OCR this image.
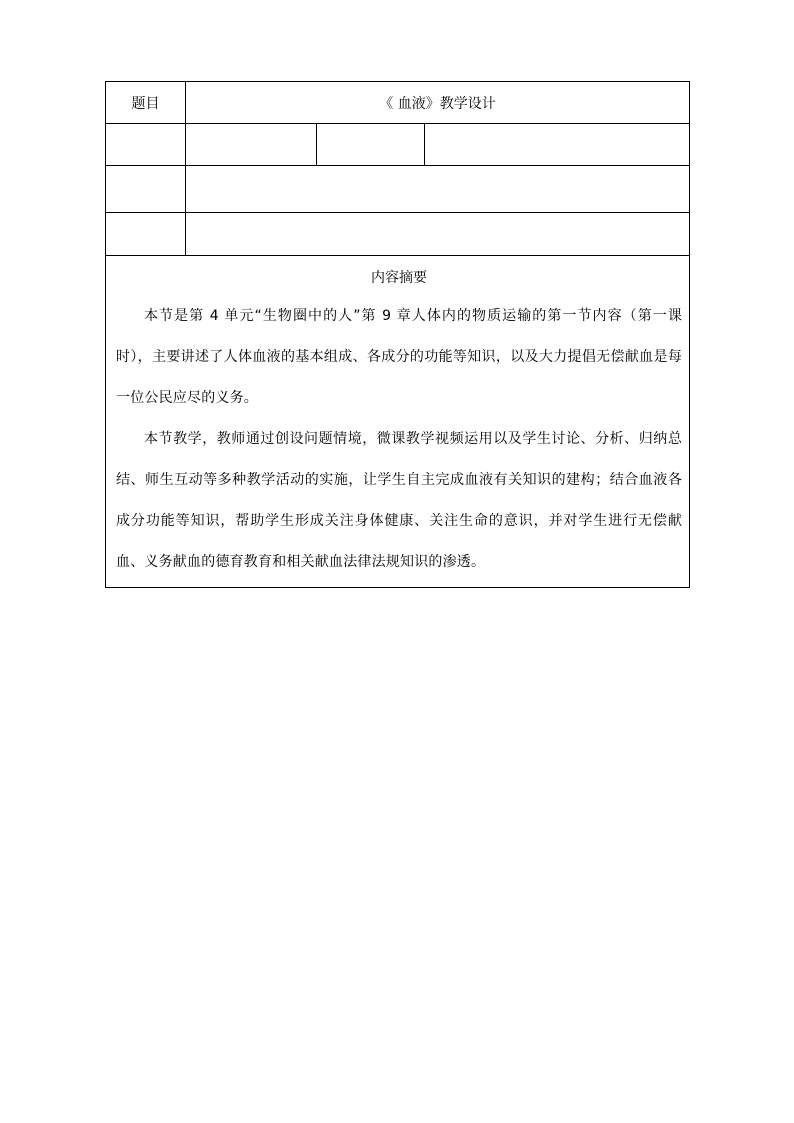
题目	《 血液》教学设计		

内容摘要

本节是第 4 单元“生物圈中的人”第 9 章人体内的物质运输的第一节内容（第一课时），主要讲述了人体血液的基本组成、各成分的功能等知识，以及大力提倡无偿献血是每一位公民应尽的义务。

本节教学，教师通过创设问题情境，微课教学视频运用以及学生讨论、分析、归纳总结、师生互动等多种教学活动的实施，让学生自主完成血液有关知识的建构；结合血液各成分功能等知识，帮助学生形成关注身体健康、关注生命的意识，并对学生进行无偿献血、义务献血的德育教育和相关献血法律法规知识的渗透。			
